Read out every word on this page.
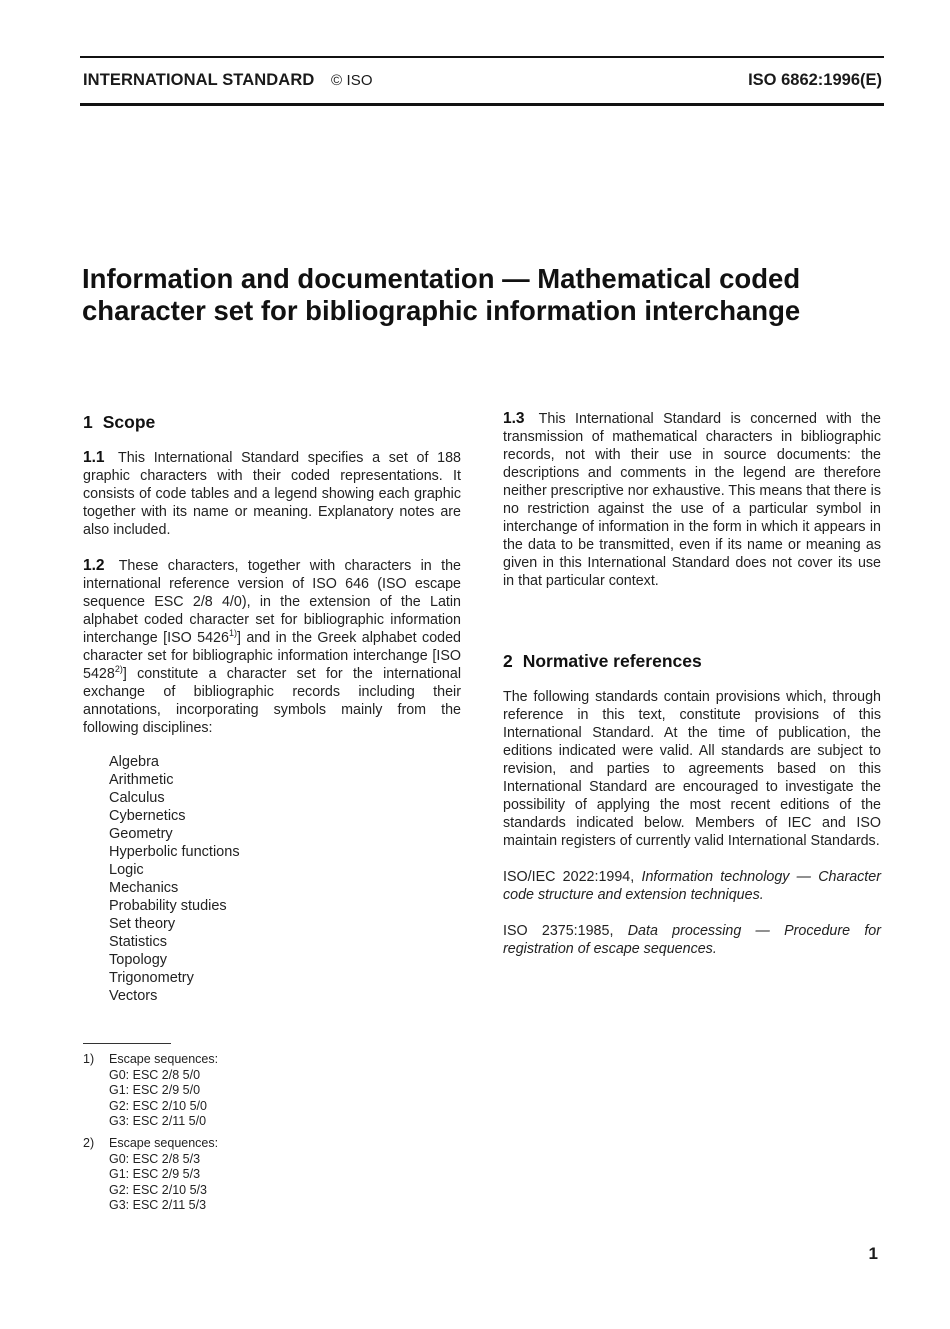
INTERNATIONAL STANDARD © ISO	ISO 6862:1996(E)
Information and documentation — Mathematical coded character set for bibliographic information interchange
1 Scope

1.1 This International Standard specifies a set of 188 graphic characters with their coded representations. It consists of code tables and a legend showing each graphic together with its name or meaning. Explanatory notes are also included.

1.2 These characters, together with characters in the international reference version of ISO 646 (ISO escape sequence ESC 2/8 4/0), in the extension of the Latin alphabet coded character set for bibliographic information interchange [ISO 5426$^{1)}$] and in the Greek alphabet coded character set for bibliographic information interchange [ISO 5428$^{2)}$] constitute a character set for the international exchange of bibliographic records including their annotations, incorporating symbols mainly from the following disciplines:

Algebra
Arithmetic
Calculus
Cybernetics
Geometry
Hyperbolic functions
Logic
Mechanics
Probability studies
Set theory
Statistics
Topology
Trigonometry
Vectors

1.3 This International Standard is concerned with the transmission of mathematical characters in bibliographic records, not with their use in source documents: the descriptions and comments in the legend are therefore neither prescriptive nor exhaustive. This means that there is no restriction against the use of a particular symbol in interchange of information in the form in which it appears in the data to be transmitted, even if its name or meaning as given in this International Standard does not cover its use in that particular context.

2 Normative references

The following standards contain provisions which, through reference in this text, constitute provisions of this International Standard. At the time of publication, the editions indicated were valid. All standards are subject to revision, and parties to agreements based on this International Standard are encouraged to investigate the possibility of applying the most recent editions of the standards indicated below. Members of IEC and ISO maintain registers of currently valid International Standards.

ISO/IEC 2022:1994, Information technology — Character code structure and extension techniques.

ISO 2375:1985, Data processing — Procedure for registration of escape sequences.

1) Escape sequences:
G0: ESC 2/8 5/0
G1: ESC 2/9 5/0
G2: ESC 2/10 5/0
G3: ESC 2/11 5/0
2) Escape sequences:
G0: ESC 2/8 5/3
G1: ESC 2/9 5/3
G2: ESC 2/10 5/3
G3: ESC 2/11 5/3
1
